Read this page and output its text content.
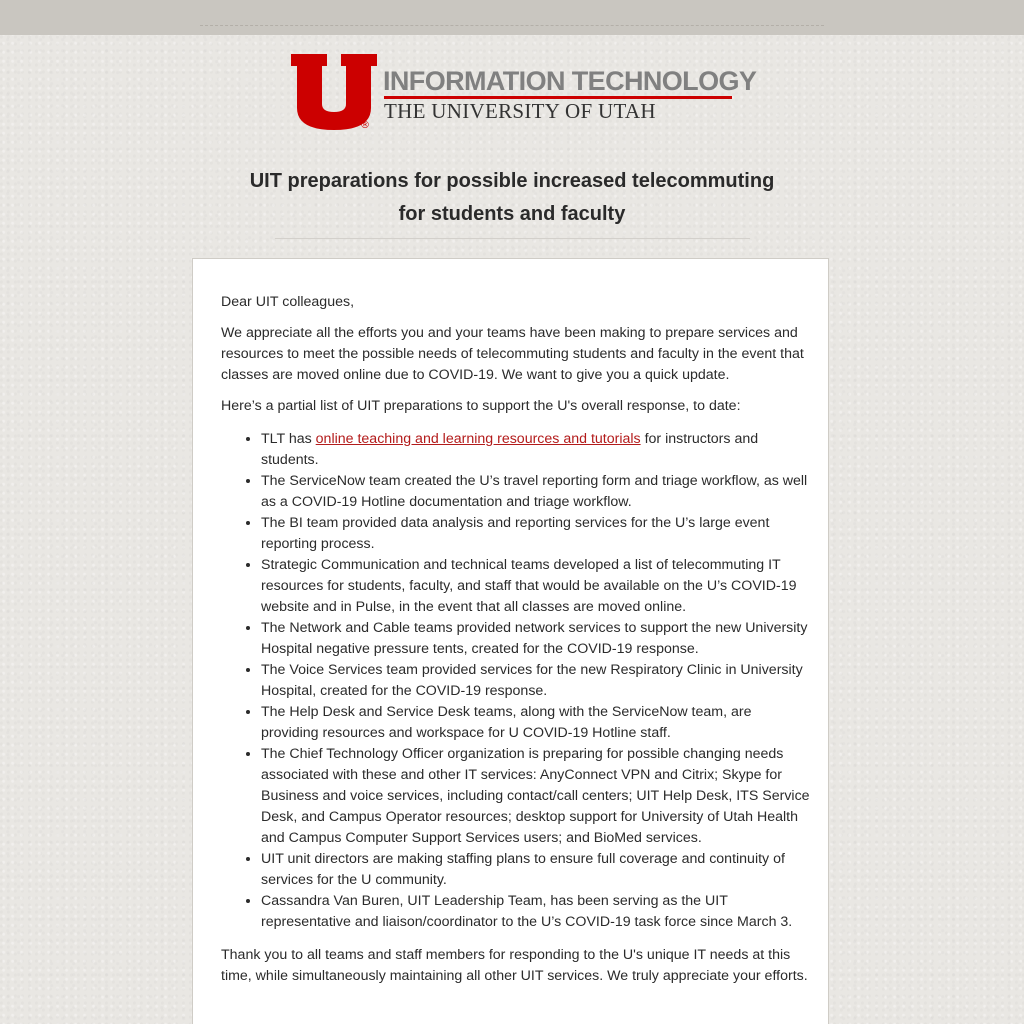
®
INFORMATION TECHNOLOGY
THE UNIVERSITY OF UTAH
UIT preparations for possible increased telecommuting
for students and faculty

Dear UIT colleagues,

We appreciate all the efforts you and your teams have been making to prepare services and resources to meet the possible needs of telecommuting students and faculty in the event that classes are moved online due to COVID-19. We want to give you a quick update.

Here’s a partial list of UIT preparations to support the U's overall response, to date:

• TLT has online teaching and learning resources and tutorials for instructors and students.
• The ServiceNow team created the U’s travel reporting form and triage workflow, as well as a COVID-19 Hotline documentation and triage workflow.
• The BI team provided data analysis and reporting services for the U’s large event reporting process.
• Strategic Communication and technical teams developed a list of telecommuting IT resources for students, faculty, and staff that would be available on the U’s COVID-19 website and in Pulse, in the event that all classes are moved online.
• The Network and Cable teams provided network services to support the new University Hospital negative pressure tents, created for the COVID-19 response.
• The Voice Services team provided services for the new Respiratory Clinic in University Hospital, created for the COVID-19 response.
• The Help Desk and Service Desk teams, along with the ServiceNow team, are providing resources and workspace for U COVID-19 Hotline staff.
• The Chief Technology Officer organization is preparing for possible changing needs associated with these and other IT services: AnyConnect VPN and Citrix; Skype for Business and voice services, including contact/call centers; UIT Help Desk, ITS Service Desk, and Campus Operator resources; desktop support for University of Utah Health and Campus Computer Support Services users; and BioMed services.
• UIT unit directors are making staffing plans to ensure full coverage and continuity of services for the U community.
• Cassandra Van Buren, UIT Leadership Team, has been serving as the UIT representative and liaison/coordinator to the U’s COVID-19 task force since March 3.

Thank you to all teams and staff members for responding to the U's unique IT needs at this time, while simultaneously maintaining all other UIT services. We truly appreciate your efforts.
